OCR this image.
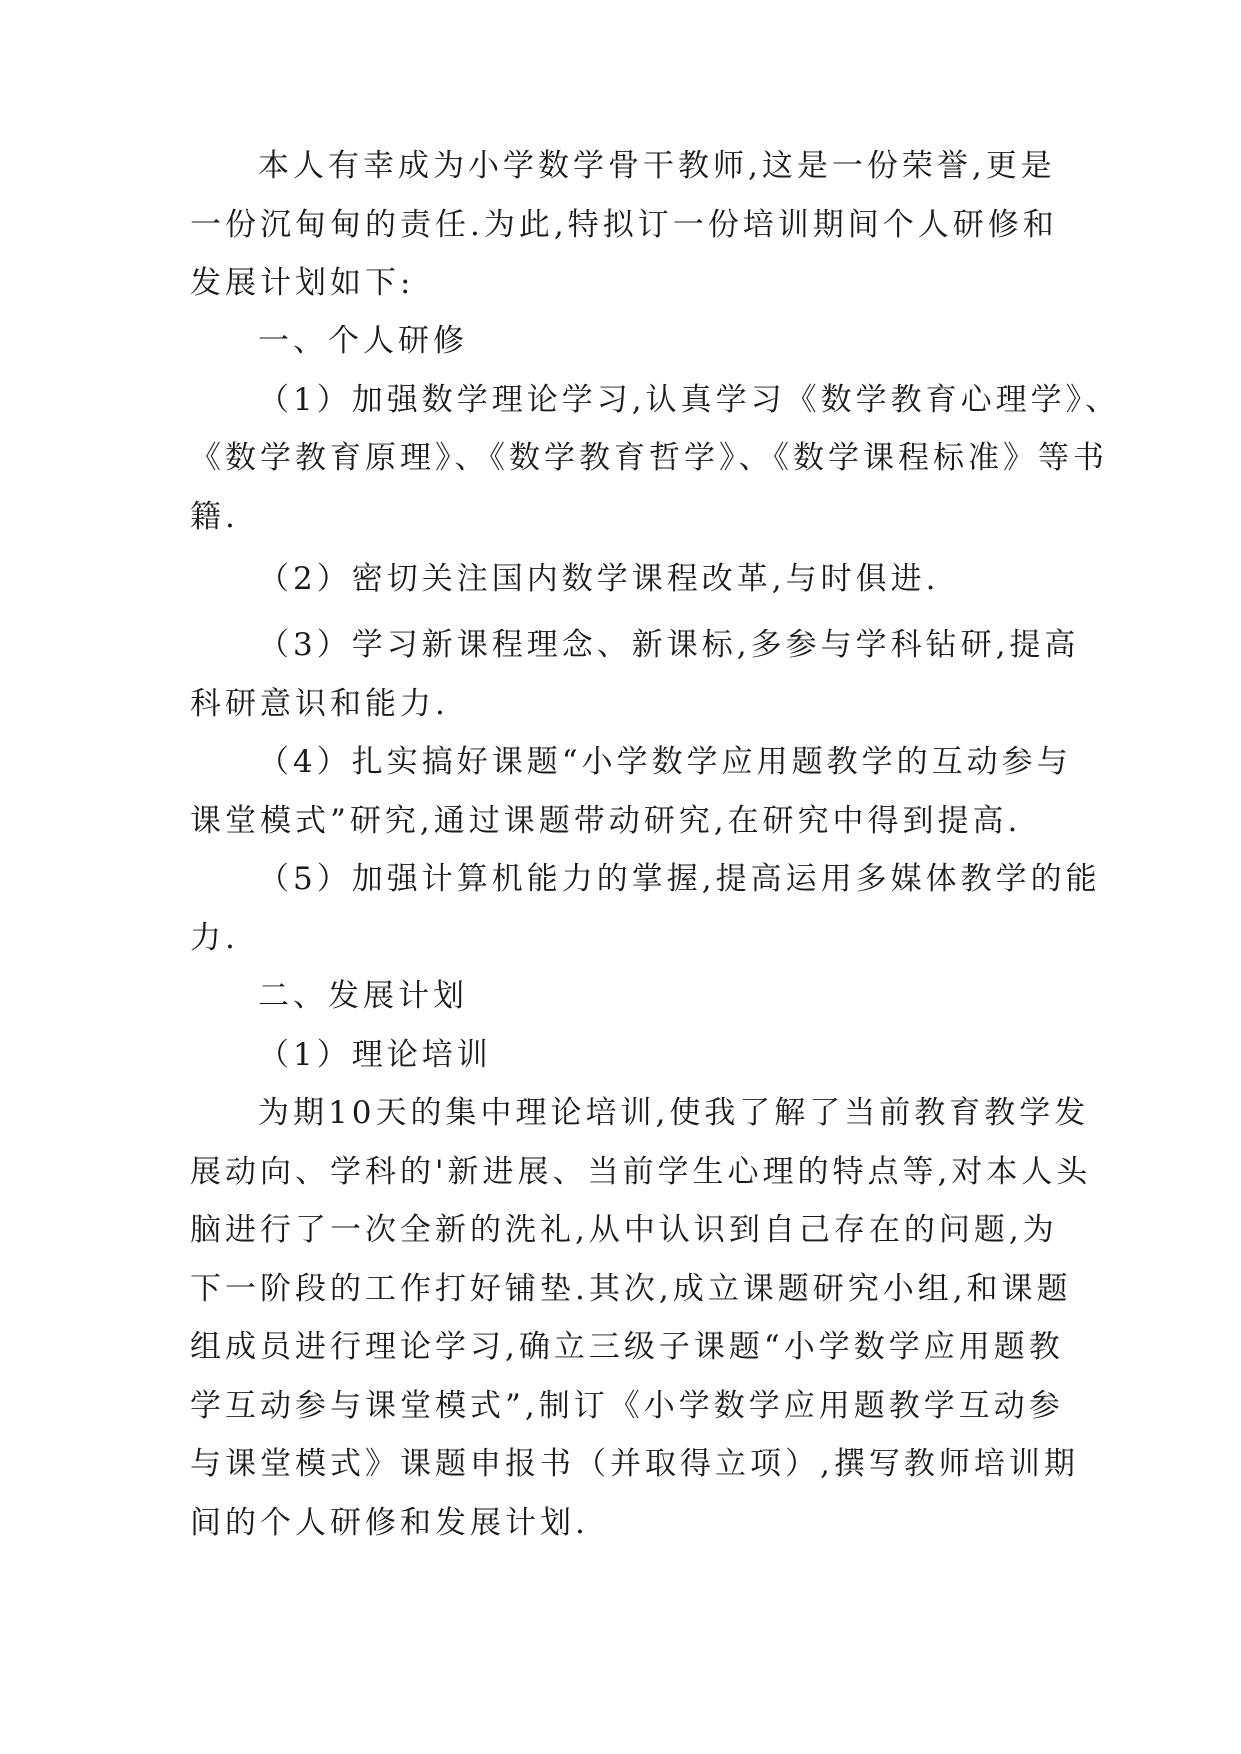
本人有幸成为小学数学骨干教师,这是一份荣誉,更是
一份沉甸甸的责任.为此,特拟订一份培训期间个人研修和
发展计划如下:
一、个人研修
（1）加强数学理论学习,认真学习《数学教育心理学》、
《数学教育原理》、《数学教育哲学》、《数学课程标准》等书
籍.
（2）密切关注国内数学课程改革,与时俱进.
（3）学习新课程理念、新课标,多参与学科钻研,提高
科研意识和能力.
（4）扎实搞好课题“小学数学应用题教学的互动参与
课堂模式”研究,通过课题带动研究,在研究中得到提高.
（5）加强计算机能力的掌握,提高运用多媒体教学的能
力.
二、发展计划
（1）理论培训
为期10天的集中理论培训,使我了解了当前教育教学发
展动向、学科的'新进展、当前学生心理的特点等,对本人头
脑进行了一次全新的洗礼,从中认识到自己存在的问题,为
下一阶段的工作打好铺垫.其次,成立课题研究小组,和课题
组成员进行理论学习,确立三级子课题“小学数学应用题教
学互动参与课堂模式”,制订《小学数学应用题教学互动参
与课堂模式》课题申报书（并取得立项）,撰写教师培训期
间的个人研修和发展计划.
